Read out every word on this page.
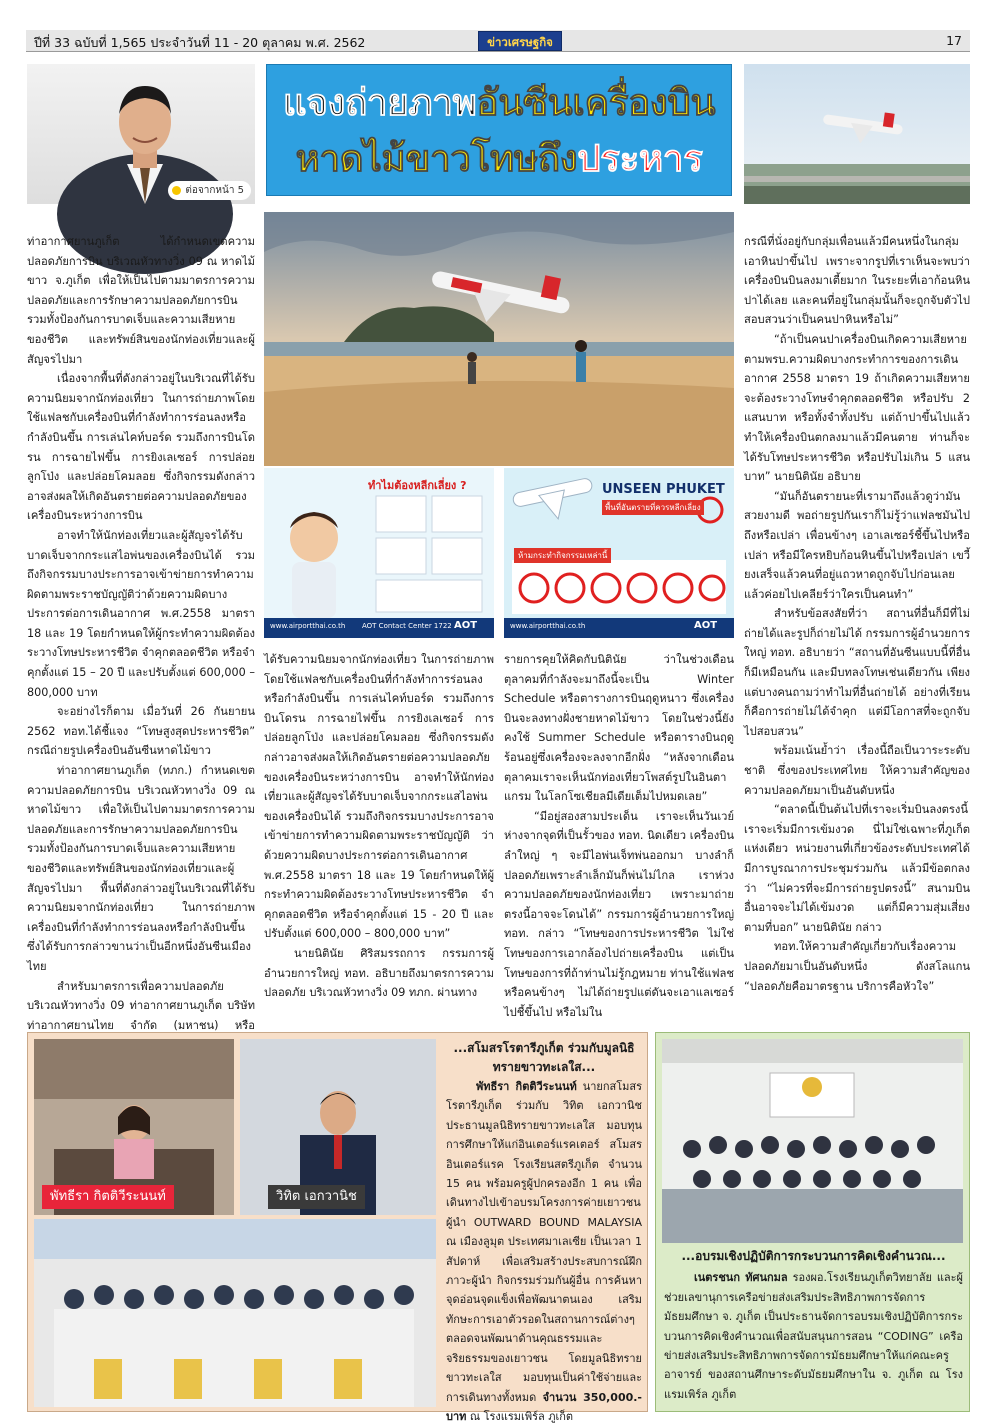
ปีที่ 33 ฉบับที่ 1,565 ประจำวันที่ 11 - 20 ตุลาคม พ.ศ. 2562	ข่าวเศรษฐกิจ	17
ต่อจากหน้า 5
แจงถ่ายภาพอันซีนเครื่องบิน
หาดไม้ขาวโทษถึงประหาร
ทำไมต้องหลีกเลี่ยง ?
www.airportthai.co.th AOT Contact Center 1722 AOT
UNSEEN PHUKET
พื้นที่อันตรายที่ควรหลีกเลี่ยง
ห้ามกระทำกิจกรรมเหล่านี้
www.airportthai.co.th	AOT

ท่าอากาศยานภูเก็ต ได้กำหนดเขตความปลอดภัยการบิน บริเวณหัวทางวิ่ง 09 ณ หาดไม้ขาว จ.ภูเก็ต เพื่อให้เป็นไปตามมาตรการความปลอดภัยและการรักษาความปลอดภัยการบิน รวมทั้งป้องกันการบาดเจ็บและความเสียหายของชีวิต และทรัพย์สินของนักท่องเที่ยวและผู้สัญจรไปมา

เนื่องจากพื้นที่ดังกล่าวอยู่ในบริเวณที่ได้รับความนิยมจากนักท่องเที่ยว ในการถ่ายภาพโดยใช้แฟลชกับเครื่องบินที่กำลังทำการร่อนลงหรือกำลังบินขึ้น การเล่นไคท์บอร์ด รวมถึงการบินโดรน การฉายไฟขึ้น การยิงเลเซอร์ การปล่อยลูกโป่ง และปล่อยโคมลอย ซึ่งกิจกรรมดังกล่าวอาจส่งผลให้เกิดอันตรายต่อความปลอดภัยของเครื่องบินระหว่างการบิน

อาจทำให้นักท่องเที่ยวและผู้สัญจรได้รับบาดเจ็บจากกระแสไอพ่นของเครื่องบินได้ รวมถึงกิจกรรมบางประการอาจเข้าข่ายการทำความผิดตามพระราชบัญญัติว่าด้วยความผิดบางประการต่อการเดินอากาศ พ.ศ.2558 มาตรา 18 และ 19 โดยกำหนดให้ผู้กระทำความผิดต้องระวางโทษประหารชีวิต จำคุกตลอดชีวิต หรือจำคุกตั้งแต่ 15 – 20 ปี และปรับตั้งแต่ 600,000 – 800,000 บาท

จะอย่างไรก็ตาม เมื่อวันที่ 26 กันยายน 2562 ทอท.ได้ชี้แจง “โทษสูงสุดประหารชีวิต” กรณีถ่ายรูปเครื่องบินอันซีนหาดไม้ขาว

ท่าอากาศยานภูเก็ต (ทภก.) กำหนดเขตความปลอดภัยการบิน บริเวณหัวทางวิ่ง 09 ณ หาดไม้ขาว เพื่อให้เป็นไปตามมาตรการความปลอดภัยและการรักษาความปลอดภัยการบิน รวมทั้งป้องกันการบาดเจ็บและความเสียหายของชีวิตและทรัพย์สินของนักท่องเที่ยวและผู้สัญจรไปมา พื้นที่ดังกล่าวอยู่ในบริเวณที่ได้รับความนิยมจากนักท่องเที่ยว ในการถ่ายภาพเครื่องบินที่กำลังทำการร่อนลงหรือกำลังบินขึ้น ซึ่งได้รับการกล่าวขานว่าเป็นอีกหนึ่งอันซีนเมืองไทย

สำหรับมาตรการเพื่อความปลอดภัยบริเวณหัวทางวิ่ง 09 ท่าอากาศยานภูเก็ต บริษัท ท่าอากาศยานไทย จำกัด (มหาชน) หรือ

ได้รับความนิยมจากนักท่องเที่ยว ในการถ่ายภาพโดยใช้แฟลชกับเครื่องบินที่กำลังทำการร่อนลงหรือกำลังบินขึ้น การเล่นไคท์บอร์ด รวมถึงการบินโดรน การฉายไฟขึ้น การยิงเลเซอร์ การปล่อยลูกโป่ง และปล่อยโคมลอย ซึ่งกิจกรรมดังกล่าวอาจส่งผลให้เกิดอันตรายต่อความปลอดภัยของเครื่องบินระหว่างการบิน อาจทำให้นักท่องเที่ยวและผู้สัญจรได้รับบาดเจ็บจากกระแสไอพ่นของเครื่องบินได้ รวมถึงกิจกรรมบางประการอาจเข้าข่ายการทำความผิดตามพระราชบัญญัติ ว่าด้วยความผิดบางประการต่อการเดินอากาศ พ.ศ.2558 มาตรา 18 และ 19 โดยกำหนดให้ผู้กระทำความผิดต้องระวางโทษประหารชีวิต จำคุกตลอดชีวิต หรือจำคุกตั้งแต่ 15 - 20 ปี และปรับตั้งแต่ 600,000 – 800,000 บาท”

นายนิตินัย ศิริสมรรถการ กรรมการผู้อำนวยการใหญ่ ทอท. อธิบายถึงมาตรการความปลอดภัย บริเวณหัวทางวิ่ง 09 ทภก. ผ่านทาง

รายการคุยให้คิดกับนิตินัย ว่าในช่วงเดือนตุลาคมที่กำลังจะมาถึงนี้จะเป็น Winter Schedule หรือตารางการบินฤดูหนาว ซึ่งเครื่องบินจะลงทางฝั่งชายหาดไม้ขาว โดยในช่วงนี้ยังคงใช้ Summer Schedule หรือตารางบินฤดูร้อนอยู่ซึ่งเครื่องจะลงจากอีกฝั่ง “หลังจากเดือนตุลาคมเราจะเห็นนักท่องเที่ยวโพสต์รูปในอินตาแกรม ในโลกโซเชียลมีเดียเต็มไปหมดเลย”

“มีอยู่สองสามประเด็น เราจะเห็นวันเวย์ห่างจากจุดที่เป็นรั้วของ ทอท. นิดเดียว เครื่องบินลำใหญ่ ๆ จะมีไอพ่นเจ็ทพ่นออกมา บางลำก็ปลอดภัยเพราะลำเล็กมันก็พ่นไม่ไกล เราห่วงความปลอดภัยของนักท่องเที่ยว เพราะมาถ่ายตรงนี้อาจจะโดนได้” กรรมการผู้อำนวยการใหญ่ ทอท. กล่าว “โทษของการประหารชีวิต ไม่ใช่โทษของการเอากล้องไปถ่ายเครื่องบิน แต่เป็นโทษของการที่ถ้าท่านไม่รู้กฎหมาย ท่านใช้แฟลช หรือคนข้างๆ ไม่ได้ถ่ายรูปแต่ดันจะเอาแลเซอร์ไปชี้ขึ้นไป หรือไม่ใน

กรณีที่นั่งอยู่กับกลุ่มเพื่อนแล้วมีคนหนึ่งในกลุ่มเอาหินปาขึ้นไป เพราะจากรูปที่เราเห็นจะพบว่าเครื่องบินบินลงมาเตี้ยมาก ในระยะที่เอาก้อนหินปาได้เลย และคนที่อยู่ในกลุ่มนั้นก็จะถูกจับตัวไปสอบสวนว่าเป็นคนปาหินหรือไม่”

“ถ้าเป็นคนปาเครื่องบินเกิดความเสียหายตามพรบ.ความผิดบางกระทำการของการเดินอากาศ 2558 มาตรา 19 ถ้าเกิดความเสียหายจะต้องระวางโทษจำคุกตลอดชีวิต หรือปรับ 2 แสนบาท หรือทั้งจำทั้งปรับ แต่ถ้าปาขึ้นไปแล้วทำให้เครื่องบินตกลงมาแล้วมีคนตาย ท่านก็จะได้รับโทษประหารชีวิต หรือปรับไม่เกิน 5 แสนบาท” นายนิตินัย อธิบาย

“มันก็อันตรายนะที่เรามาถึงแล้วดูว่ามันสวยงามดี พอถ่ายรูปกันเราก็ไม่รู้ว่าแฟลชมันไปถึงหรือเปล่า เพื่อนข้างๆ เอาเลเซอร์ชี้ขึ้นไปหรือเปล่า หรือมีใครหยิบก้อนหินขึ้นไปหรือเปล่า เขวี้ยงเสร็จแล้วคนที่อยู่แถวหาดถูกจับไปก่อนเลย แล้วค่อยไปเคลียร์ว่าใครเป็นคนทำ”

สำหรับข้อสงสัยที่ว่า สถานที่อื่นก็มีที่ไม่ถ่ายได้และรูปก็ถ่ายไม่ได้ กรรมการผู้อำนวยการใหญ่ ทอท. อธิบายว่า “สถานที่อันซีนแบบนี้ที่อื่นก็มีเหมือนกัน และมีบทลงโทษเช่นเดียวกัน เพียงแต่บางคนถามว่าทำไมที่อื่นถ่ายได้ อย่างที่เรียนก็คือการถ่ายไม่ได้จำคุก แต่มีโอกาสที่จะถูกจับไปสอบสวน”

พร้อมเน้นย้ำว่า เรื่องนี้ถือเป็นวาระระดับชาติ ซึ่งของประเทศไทย ให้ความสำคัญของความปลอดภัยมาเป็นอันดับหนึ่ง

“ตลาดนี้เป็นต้นไปที่เราจะเริ่มบินลงตรงนี้ เราจะเริ่มมีการเข้มงวด นี่ไม่ใช่เฉพาะที่ภูเก็ตแห่งเดียว หน่วยงานที่เกี่ยวข้องระดับประเทศได้มีการบูรณาการประชุมร่วมกัน แล้วมีข้อตกลงว่า “ไม่ควรที่จะมีการถ่ายรูปตรงนี้” สนามบินอื่นอาจจะไม่ได้เข้มงวด แต่ก็มีความสุ่มเสี่ยงตามที่บอก” นายนิตินัย กล่าว

ทอท.ให้ความสำคัญเกี่ยวกับเรื่องความปลอดภัยมาเป็นอันดับหนึ่ง ดังสโลแกน “ปลอดภัยคือมาตรฐาน บริการคือหัวใจ”

พัทธีรา กิตติวีระนนท์	วิทิต เอกวานิช
...สโมสรโรตารีภูเก็ต ร่วมกับมูลนิธิ
ทรายขาวทะเลใส...

พัทธีรา กิตติวีระนนท์ นายกสโมสรโรตารีภูเก็ต ร่วมกับ วิทิต เอกวานิช ประธานมูลนิธิทรายขาวทะเลใส มอบทุนการศึกษาให้แก่อินเตอร์แรคเตอร์ สโมสรอินเตอร์แรค โรงเรียนสตรีภูเก็ต จำนวน 15 คน พร้อมครูผู้ปกครองอีก 1 คน เพื่อเดินทางไปเข้าอบรมโครงการค่ายเยาวชนผู้นำ OUTWARD BOUND MALAYSIA ณ เมืองลูมุต ประเทศมาเลเซีย เป็นเวลา 1 สัปดาห์ เพื่อเสริมสร้างประสบการณ์ฝึกภาวะผู้นำ กิจกรรมร่วมกันผู้อื่น การค้นหาจุดอ่อนจุดแข็งเพื่อพัฒนาตนเอง เสริมทักษะการเอาตัวรอดในสถานการณ์ต่างๆ ตลอดจนพัฒนาด้านคุณธรรมและจริยธรรมของเยาวชน โดยมูลนิธิทรายขาวทะเลใส มอบทุนเป็นค่าใช้จ่ายและการเดินทางทั้งหมด จำนวน 350,000.- บาท ณ โรงแรมเพิร์ล ภูเก็ต

...อบรมเชิงปฏิบัติการกระบวนการคิดเชิงคำนวณ...

เนตรชนก ทัศนกมล รองผอ.โรงเรียนภูเก็ตวิทยาลัย และผู้ช่วยเลขานุการเครือข่ายส่งเสริมประสิทธิภาพการจัดการมัธยมศึกษา จ. ภูเก็ต เป็นประธานจัดการอบรมเชิงปฏิบัติการกระบวนการคิดเชิงคำนวณเพื่อสนับสนุนการสอน “CODING” เครือข่ายส่งเสริมประสิทธิภาพการจัดการมัธยมศึกษาให้แก่คณะครู อาจารย์ ของสถานศึกษาระดับมัธยมศึกษาใน จ. ภูเก็ต ณ โรงแรมเพิร์ล ภูเก็ต
